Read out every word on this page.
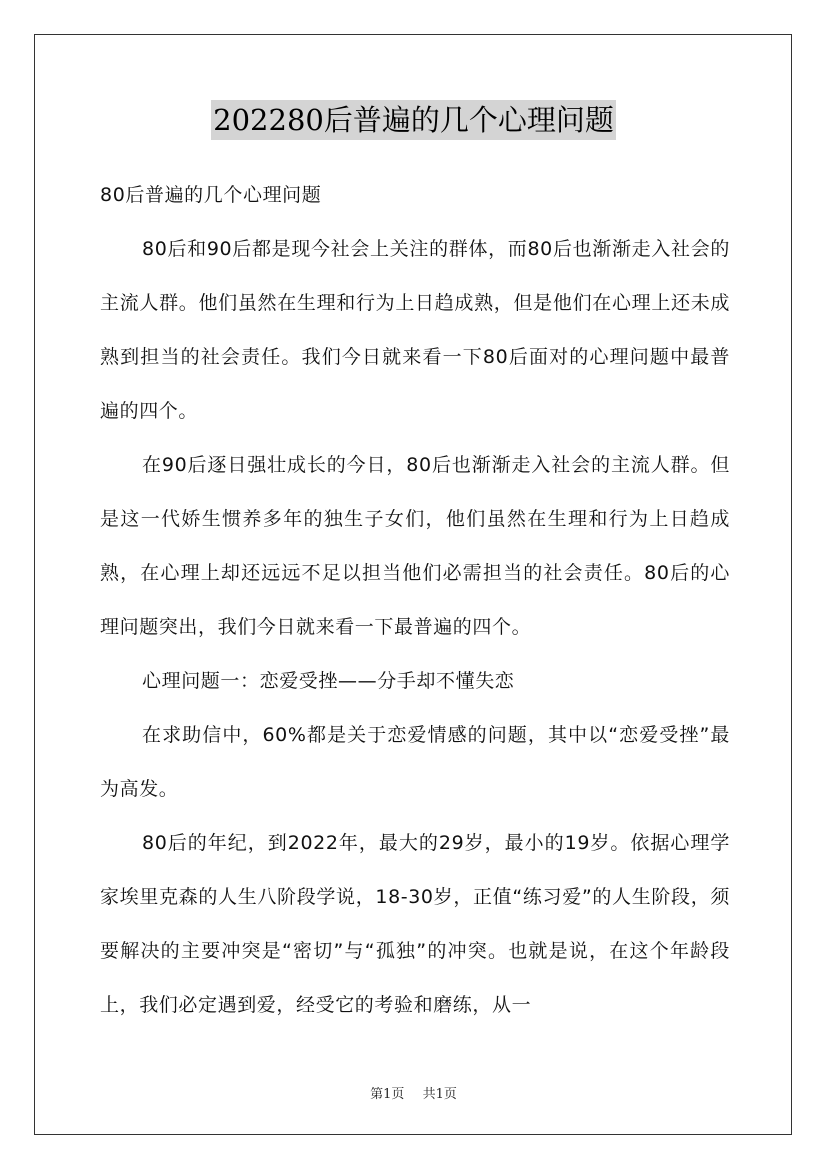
202280后普遍的几个心理问题

80后普遍的几个心理问题

80后和90后都是现今社会上关注的群体，而80后也渐渐走入社会的主流人群。他们虽然在生理和行为上日趋成熟，但是他们在心理上还未成熟到担当的社会责任。我们今日就来看一下80后面对的心理问题中最普遍的四个。

在90后逐日强壮成长的今日，80后也渐渐走入社会的主流人群。但是这一代娇生惯养多年的独生子女们，他们虽然在生理和行为上日趋成熟，在心理上却还远远不足以担当他们必需担当的社会责任。80后的心理问题突出，我们今日就来看一下最普遍的四个。

心理问题一：恋爱受挫——分手却不懂失恋

在求助信中，60%都是关于恋爱情感的问题，其中以“恋爱受挫”最为高发。

80后的年纪，到2022年，最大的29岁，最小的19岁。依据心理学家埃里克森的人生八阶段学说，18-30岁，正值“练习爱”的人生阶段，须要解决的主要冲突是“密切”与“孤独”的冲突。也就是说，在这个年龄段上，我们必定遇到爱，经受它的考验和磨练，从一

第1页 共1页
